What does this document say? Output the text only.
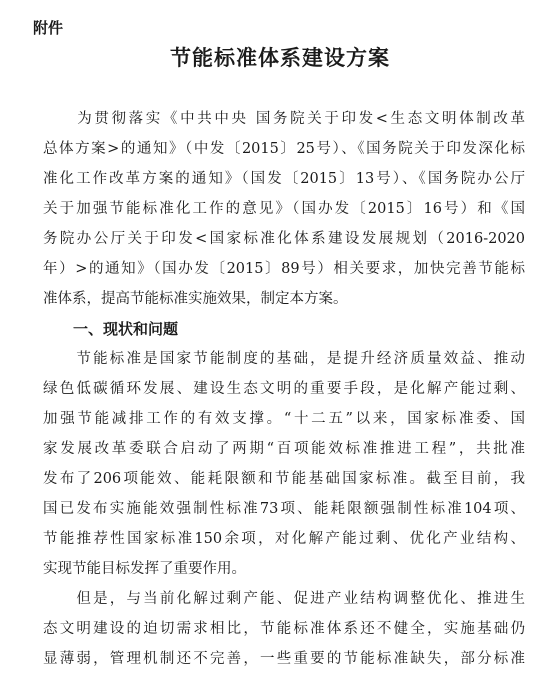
附件
节能标准体系建设方案
　　为贯彻落实《中共中央 国务院关于印发<生态文明体制改革
总体方案>的通知》（中发〔2015〕25号）、《国务院关于印发深化标
准化工作改革方案的通知》（国发〔2015〕13号）、《国务院办公厅
关于加强节能标准化工作的意见》（国办发〔2015〕16号）和《国
务院办公厅关于印发<国家标准化体系建设发展规划（2016-2020
年）>的通知》（国办发〔2015〕89号）相关要求，加快完善节能标
准体系，提高节能标准实施效果，制定本方案。
　　一、现状和问题
　　节能标准是国家节能制度的基础，是提升经济质量效益、推动
绿色低碳循环发展、建设生态文明的重要手段，是化解产能过剩、
加强节能减排工作的有效支撑。“十二五”以来，国家标准委、国
家发展改革委联合启动了两期“百项能效标准推进工程”，共批准
发布了206项能效、能耗限额和节能基础国家标准。截至目前，我
国已发布实施能效强制性标准73项、能耗限额强制性标准104项、
节能推荐性国家标准150余项，对化解产能过剩、优化产业结构、
实现节能目标发挥了重要作用。
　　但是，与当前化解过剩产能、促进产业结构调整优化、推进生
态文明建设的迫切需求相比，节能标准体系还不健全，实施基础仍
显薄弱，管理机制还不完善，一些重要的节能标准缺失，部分标准
